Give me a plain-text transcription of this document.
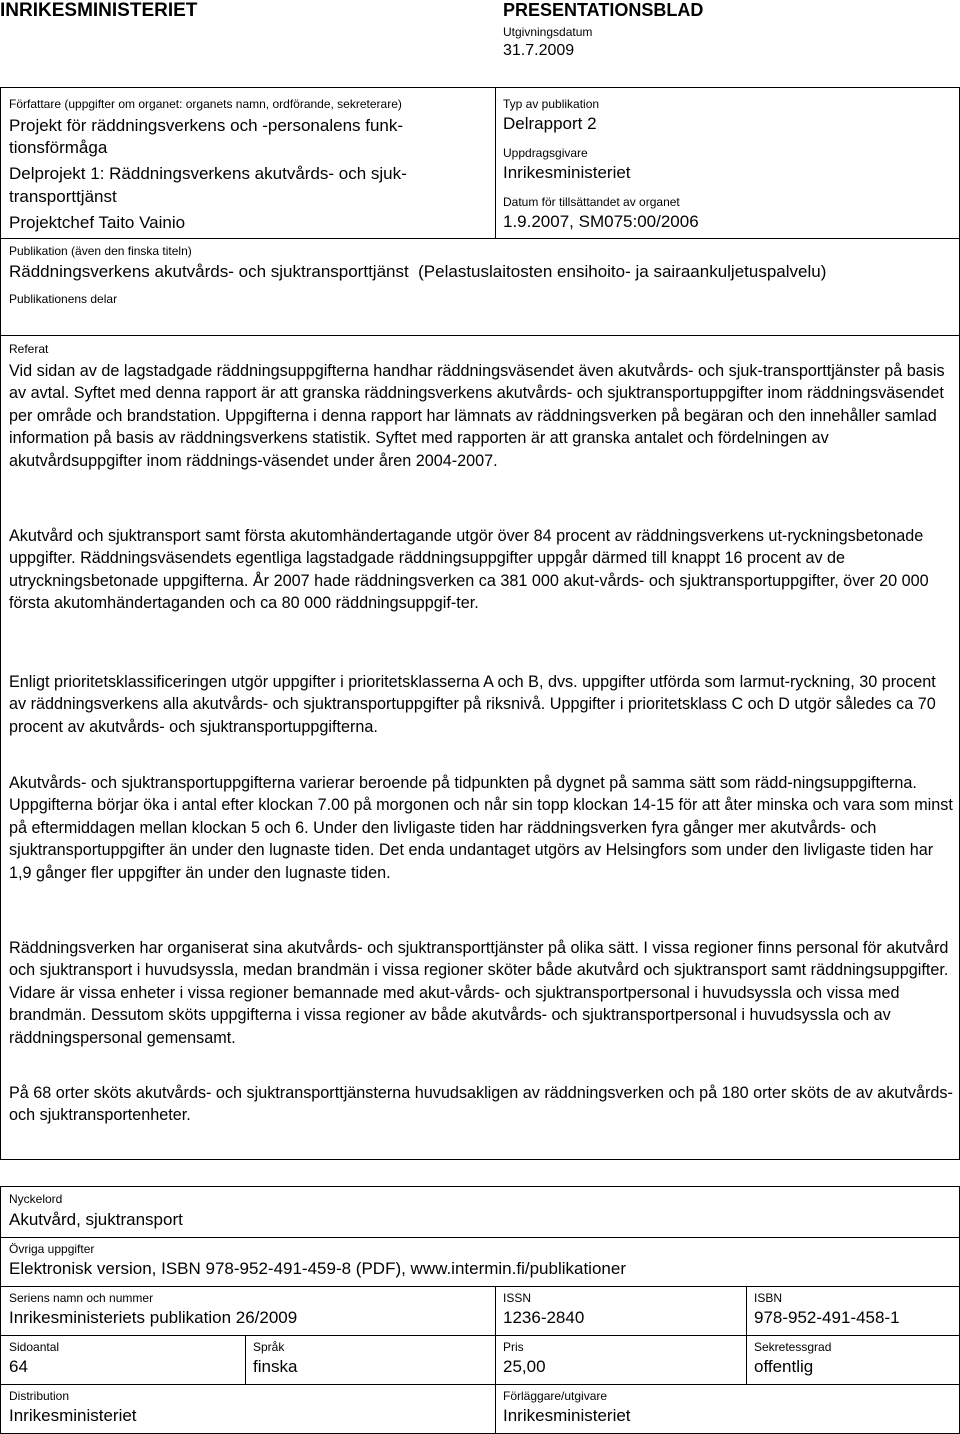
INRIKESMINISTERIET	PRESENTATIONSBLAD
Utgivningsdatum
31.7.2009
Författare (uppgifter om organet: organets namn, ordförande, sekreterare)
Projekt för räddningsverkens och -personalens funk-
tionsförmåga
Delprojekt 1: Räddningsverkens akutvårds- och sjuk-
transporttjänst
Projektchef Taito Vainio
Typ av publikation
Delrapport 2
Uppdragsgivare
Inrikesministeriet
Datum för tillsättandet av organet
1.9.2007, SM075:00/2006
Publikation (även den finska titeln)
Räddningsverkens akutvårds- och sjuktransporttjänst  (Pelastuslaitosten ensihoito- ja sairaankuljetuspalvelu)
Publikationens delar
Referat
Vid sidan av de lagstadgade räddningsuppgifterna handhar räddningsväsendet även akutvårds- och sjuk-transporttjänster på basis av avtal. Syftet med denna rapport är att granska räddningsverkens akutvårds- och sjuktransportuppgifter inom räddningsväsendet per område och brandstation. Uppgifterna i denna rapport har lämnats av räddningsverken på begäran och den innehåller samlad information på basis av räddningsverkens statistik. Syftet med rapporten är att granska antalet och fördelningen av akutvårdsuppgifter inom räddnings-väsendet under åren 2004-2007.
Akutvård och sjuktransport samt första akutomhändertagande utgör över 84 procent av räddningsverkens ut-ryckningsbetonade uppgifter. Räddningsväsendets egentliga lagstadgade räddningsuppgifter uppgår därmed till knappt 16 procent av de utryckningsbetonade uppgifterna. År 2007 hade räddningsverken ca 381 000 akut-vårds- och sjuktransportuppgifter, över 20 000 första akutomhändertaganden och ca 80 000 räddningsuppgif-ter.
Enligt prioritetsklassificeringen utgör uppgifter i prioritetsklasserna A och B, dvs. uppgifter utförda som larmut-ryckning, 30 procent av räddningsverkens alla akutvårds- och sjuktransportuppgifter på riksnivå. Uppgifter i prioritetsklass C och D utgör således ca 70 procent av akutvårds- och sjuktransportuppgifterna.
Akutvårds- och sjuktransportuppgifterna varierar beroende på tidpunkten på dygnet på samma sätt som rädd-ningsuppgifterna. Uppgifterna börjar öka i antal efter klockan 7.00 på morgonen och når sin topp klockan 14-15 för att åter minska och vara som minst på eftermiddagen mellan klockan 5 och 6. Under den livligaste tiden har räddningsverken fyra gånger mer akutvårds- och sjuktransportuppgifter än under den lugnaste tiden. Det enda undantaget utgörs av Helsingfors som under den livligaste tiden har 1,9 gånger fler uppgifter än under den lugnaste tiden.
Räddningsverken har organiserat sina akutvårds- och sjuktransporttjänster på olika sätt. I vissa regioner finns personal för akutvård och sjuktransport i huvudsyssla, medan brandmän i vissa regioner sköter både akutvård och sjuktransport samt räddningsuppgifter. Vidare är vissa enheter i vissa regioner bemannade med akut-vårds- och sjuktransportpersonal i huvudsyssla och vissa med brandmän. Dessutom sköts uppgifterna i vissa regioner av både akutvårds- och sjuktransportpersonal i huvudsyssla och av räddningspersonal gemensamt.
På 68 orter sköts akutvårds- och sjuktransporttjänsterna huvudsakligen av räddningsverken och på 180 orter sköts de av akutvårds- och sjuktransportenheter.
Nyckelord
Akutvård, sjuktransport
Övriga uppgifter
Elektronisk version, ISBN 978-952-491-459-8 (PDF), www.intermin.fi/publikationer
Seriens namn och nummer
Inrikesministeriets publikation 26/2009
ISSN
1236-2840
ISBN
978-952-491-458-1
Sidoantal
64
Språk
finska
Pris
25,00
Sekretessgrad
offentlig
Distribution
Inrikesministeriet
Förläggare/utgivare
Inrikesministeriet
